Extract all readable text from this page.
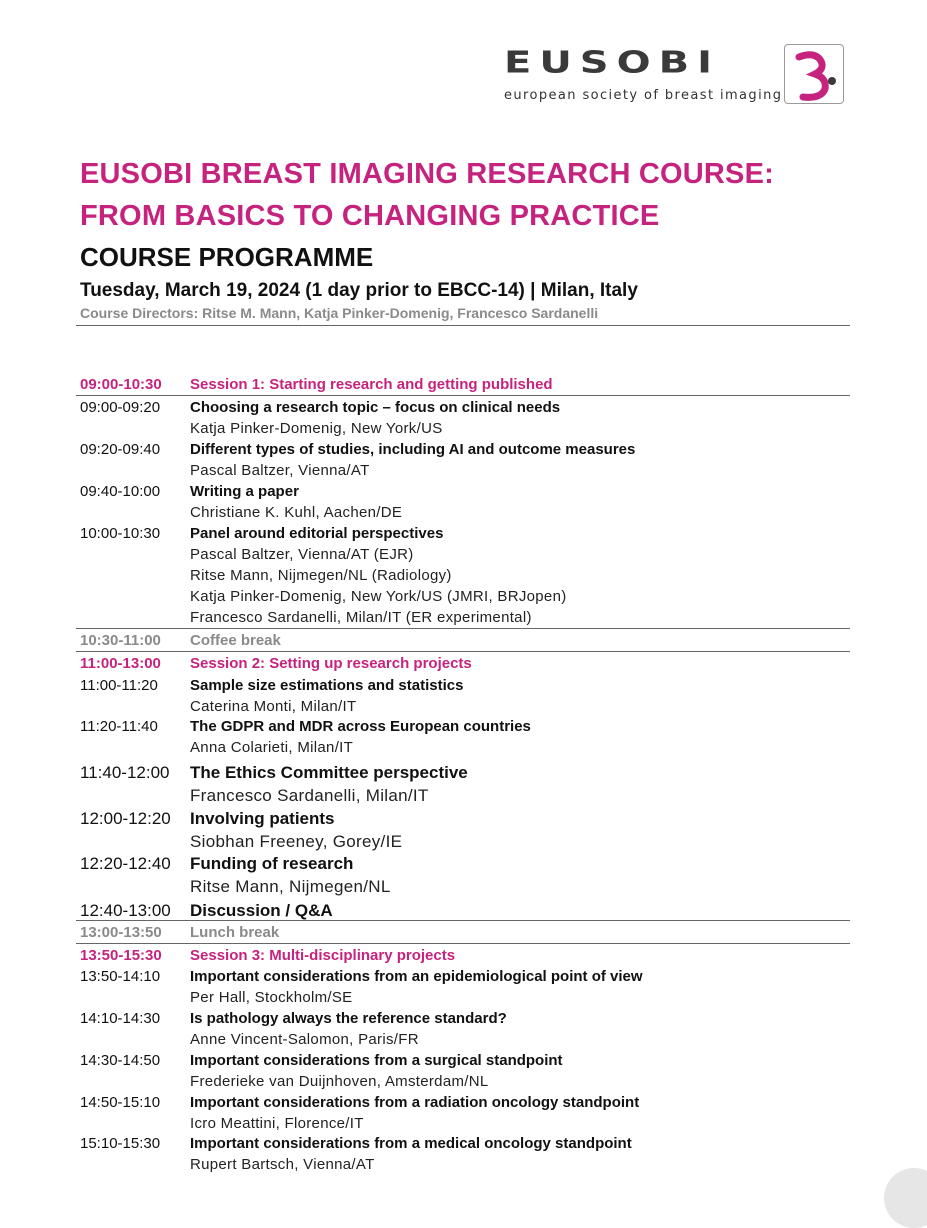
EUSOBI
european society of breast imaging
EUSOBI BREAST IMAGING RESEARCH COURSE:
FROM BASICS TO CHANGING PRACTICE
COURSE PROGRAMME
Tuesday, March 19, 2024 (1 day prior to EBCC-14) | Milan, Italy
Course Directors: Ritse M. Mann, Katja Pinker-Domenig, Francesco Sardanelli
09:00-10:30 Session 1: Starting research and getting published
09:00-09:20 Choosing a research topic – focus on clinical needs
Katja Pinker-Domenig, New York/US
09:20-09:40 Different types of studies, including AI and outcome measures
Pascal Baltzer, Vienna/AT
09:40-10:00 Writing a paper
Christiane K. Kuhl, Aachen/DE
10:00-10:30 Panel around editorial perspectives
Pascal Baltzer, Vienna/AT (EJR)
Ritse Mann, Nijmegen/NL (Radiology)
Katja Pinker-Domenig, New York/US (JMRI, BRJopen)
Francesco Sardanelli, Milan/IT (ER experimental)
10:30-11:00 Coffee break
11:00-13:00 Session 2: Setting up research projects
11:00-11:20 Sample size estimations and statistics
Caterina Monti, Milan/IT
11:20-11:40 The GDPR and MDR across European countries
Anna Colarieti, Milan/IT
11:40-12:00 The Ethics Committee perspective
Francesco Sardanelli, Milan/IT
12:00-12:20 Involving patients
Siobhan Freeney, Gorey/IE
12:20-12:40 Funding of research
Ritse Mann, Nijmegen/NL
12:40-13:00 Discussion / Q&A
13:00-13:50 Lunch break
13:50-15:30 Session 3: Multi-disciplinary projects
13:50-14:10 Important considerations from an epidemiological point of view
Per Hall, Stockholm/SE
14:10-14:30 Is pathology always the reference standard?
Anne Vincent-Salomon, Paris/FR
14:30-14:50 Important considerations from a surgical standpoint
Frederieke van Duijnhoven, Amsterdam/NL
14:50-15:10 Important considerations from a radiation oncology standpoint
Icro Meattini, Florence/IT
15:10-15:30 Important considerations from a medical oncology standpoint
Rupert Bartsch, Vienna/AT
